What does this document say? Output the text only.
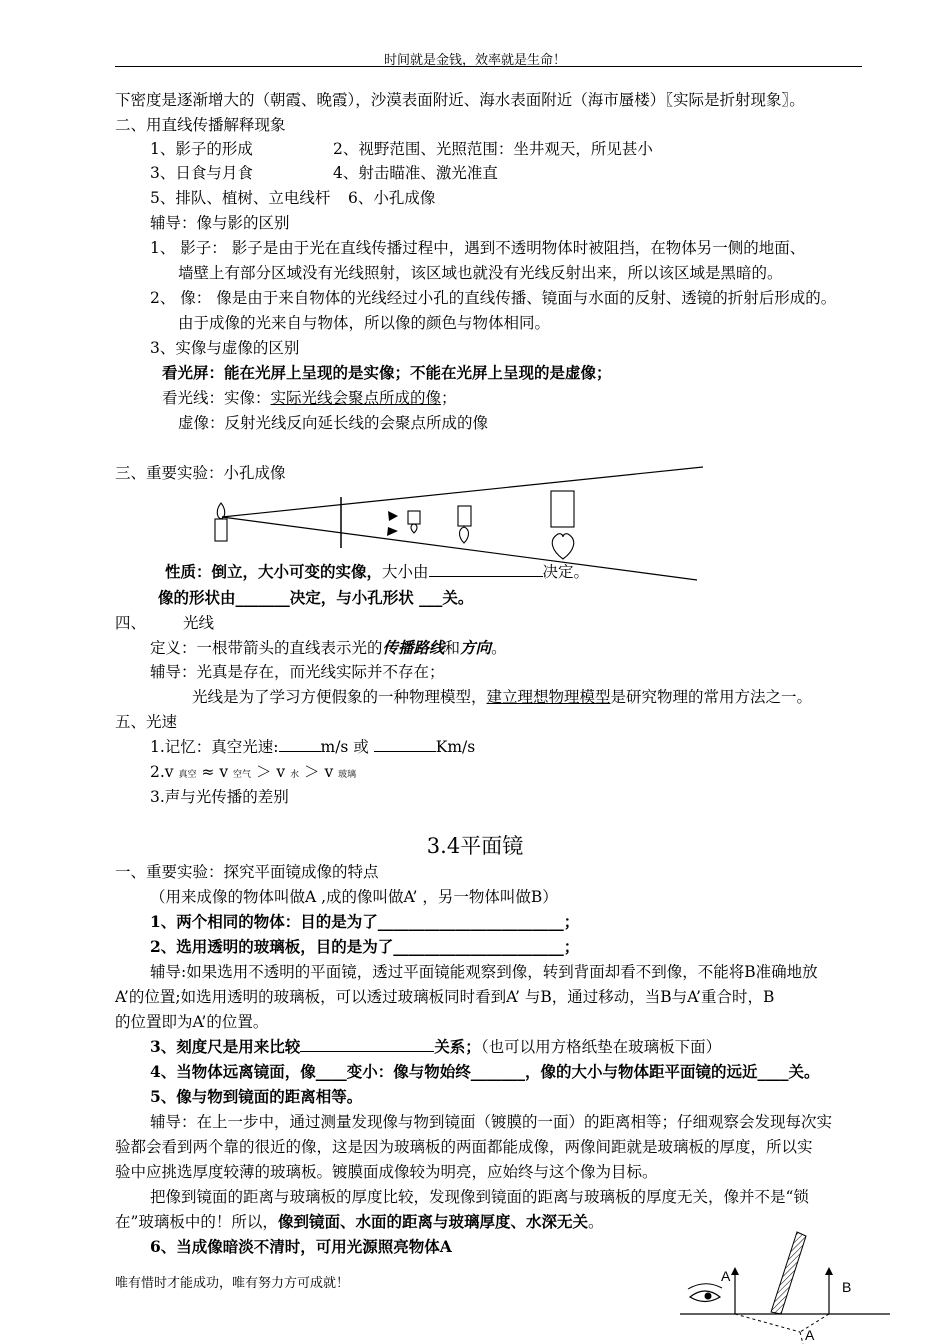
时间就是金钱，效率就是生命！
下密度是逐渐增大的（朝霞、晚霞），沙漠表面附近、海水表面附近（海市蜃楼）〖实际是折射现象〗。
二、用直线传播解释现象
1、影子的形成	2、视野范围、光照范围：坐井观天，所见甚小
3、日食与月食	4、射击瞄准、激光准直
5、排队、植树、立电线杆 6、小孔成像
辅导：像与影的区别
1、 影子： 影子是由于光在直线传播过程中，遇到不透明物体时被阻挡，在物体另一侧的地面、
墙壁上有部分区域没有光线照射，该区域也就没有光线反射出来，所以该区域是黑暗的。
2、 像： 像是由于来自物体的光线经过小孔的直线传播、镜面与水面的反射、透镜的折射后形成的。
由于成像的光来自与物体，所以像的颜色与物体相同。
3、实像与虚像的区别
看光屏：能在光屏上呈现的是实像；不能在光屏上呈现的是虚像；
看光线：实像：实际光线会聚点所成的像；
虚像：反射光线反向延长线的会聚点所成的像
三、重要实验：小孔成像
性质：倒立，大小可变的实像，大小由	决定。
像的形状由_______决定，与小孔形状 ___关。
四、 光线
定义：一根带箭头的直线表示光的传播路线和方向。
辅导：光真是存在，而光线实际并不存在；
光线是为了学习方便假象的一种物理模型，建立理想物理模型是研究物理的常用方法之一。
五、光速
1.记忆：真空光速:	m/s 或	Km/s
2.v 真空 ≈ v 空气 ＞ v 水 ＞ v 玻璃
3.声与光传播的差别
3.4平面镜
一、重要实验：探究平面镜成像的特点
（用来成像的物体叫做A ,成的像叫做A’ ，另一物体叫做B）
1、两个相同的物体：目的是为了________________________；
2、选用透明的玻璃板，目的是为了______________________；
辅导:如果选用不透明的平面镜，透过平面镜能观察到像，转到背面却看不到像，不能将B准确地放
A’的位置;如选用透明的玻璃板，可以透过玻璃板同时看到A’ 与B，通过移动，当B与A’重合时，B
的位置即为A’的位置。
3、刻度尺是用来比较	关系；（也可以用方格纸垫在玻璃板下面）
4、当物体远离镜面，像____变小：像与物始终_______，像的大小与物体距平面镜的远近____关。
5、像与物到镜面的距离相等。
辅导：在上一步中，通过测量发现像与物到镜面（镀膜的一面）的距离相等；仔细观察会发现每次实
验都会看到两个靠的很近的像，这是因为玻璃板的两面都能成像，两像间距就是玻璃板的厚度，所以实
验中应挑选厚度较薄的玻璃板。镀膜面成像较为明亮，应始终与这个像为目标。
把像到镜面的距离与玻璃板的厚度比较，发现像到镜面的距离与玻璃板的厚度无关，像并不是“锁
在”玻璃板中的！所以，像到镜面、水面的距离与玻璃厚度、水深无关。
6、当成像暗淡不清时，可用光源照亮物体A
唯有惜时才能成功，唯有努力方可成就！	A
B
A
